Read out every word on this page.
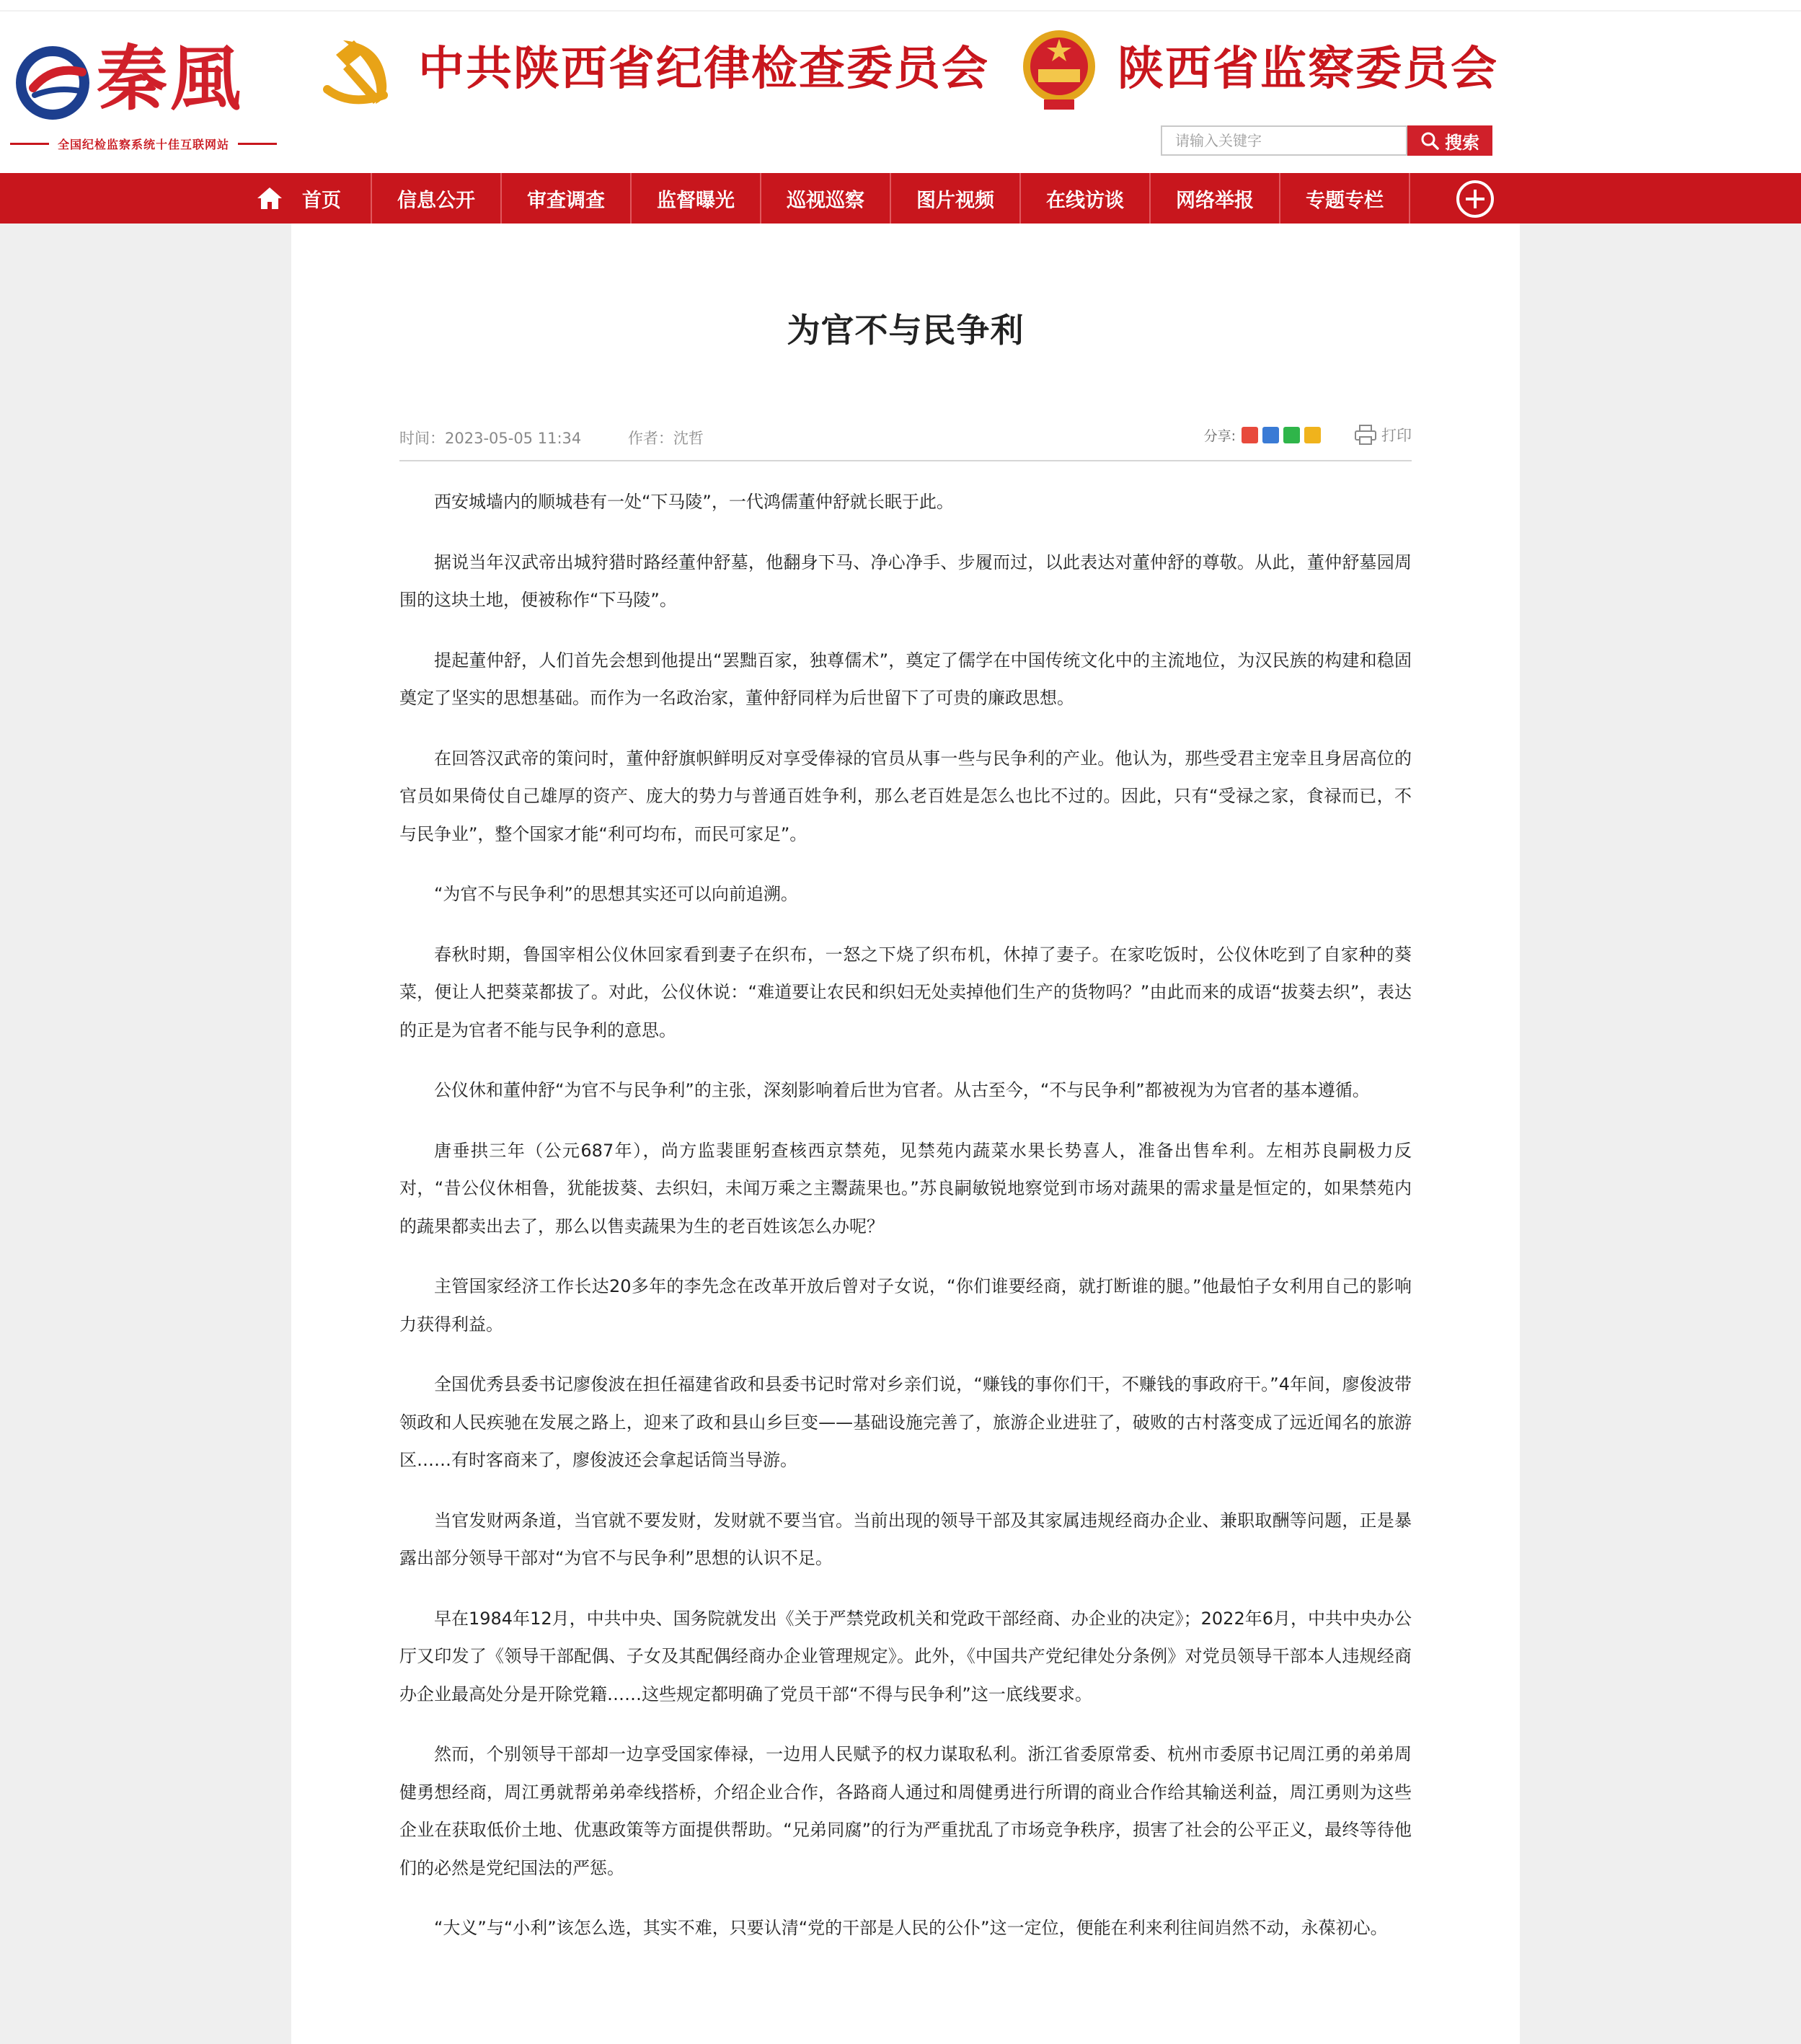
秦風
全国纪检监察系统十佳互联网站
中共陕西省纪律检查委员会	陕西省监察委员会
请输入关键字
搜索
首页	信息公开	审查调查	监督曝光	巡视巡察	图片视频	在线访谈	网络举报	专题专栏
为官不与民争利
时间：2023-05-05 11:34	作者：沈哲	分享:	打印

西安城墙内的顺城巷有一处“下马陵”，一代鸿儒董仲舒就长眠于此。

据说当年汉武帝出城狩猎时路经董仲舒墓，他翻身下马、净心净手、步履而过，以此表达对董仲舒的尊敬。从此，董仲舒墓园周围的这块土地，便被称作“下马陵”。

提起董仲舒，人们首先会想到他提出“罢黜百家，独尊儒术”，奠定了儒学在中国传统文化中的主流地位，为汉民族的构建和稳固奠定了坚实的思想基础。而作为一名政治家，董仲舒同样为后世留下了可贵的廉政思想。

在回答汉武帝的策问时，董仲舒旗帜鲜明反对享受俸禄的官员从事一些与民争利的产业。他认为，那些受君主宠幸且身居高位的官员如果倚仗自己雄厚的资产、庞大的势力与普通百姓争利，那么老百姓是怎么也比不过的。因此，只有“受禄之家，食禄而已，不与民争业”，整个国家才能“利可均布，而民可家足”。

“为官不与民争利”的思想其实还可以向前追溯。

春秋时期，鲁国宰相公仪休回家看到妻子在织布，一怒之下烧了织布机，休掉了妻子。在家吃饭时，公仪休吃到了自家种的葵菜，便让人把葵菜都拔了。对此，公仪休说：“难道要让农民和织妇无处卖掉他们生产的货物吗？”由此而来的成语“拔葵去织”，表达的正是为官者不能与民争利的意思。

公仪休和董仲舒“为官不与民争利”的主张，深刻影响着后世为官者。从古至今，“不与民争利”都被视为为官者的基本遵循。

唐垂拱三年（公元687年），尚方监裴匪躬查核西京禁苑，见禁苑内蔬菜水果长势喜人，准备出售牟利。左相苏良嗣极力反对，“昔公仪休相鲁，犹能拔葵、去织妇，未闻万乘之主鬻蔬果也。”苏良嗣敏锐地察觉到市场对蔬果的需求量是恒定的，如果禁苑内的蔬果都卖出去了，那么以售卖蔬果为生的老百姓该怎么办呢？

主管国家经济工作长达20多年的李先念在改革开放后曾对子女说，“你们谁要经商，就打断谁的腿。”他最怕子女利用自己的影响力获得利益。

全国优秀县委书记廖俊波在担任福建省政和县委书记时常对乡亲们说，“赚钱的事你们干，不赚钱的事政府干。”4年间，廖俊波带领政和人民疾驰在发展之路上，迎来了政和县山乡巨变——基础设施完善了，旅游企业进驻了，破败的古村落变成了远近闻名的旅游区……有时客商来了，廖俊波还会拿起话筒当导游。

当官发财两条道，当官就不要发财，发财就不要当官。当前出现的领导干部及其家属违规经商办企业、兼职取酬等问题，正是暴露出部分领导干部对“为官不与民争利”思想的认识不足。

早在1984年12月，中共中央、国务院就发出《关于严禁党政机关和党政干部经商、办企业的决定》；2022年6月，中共中央办公厅又印发了《领导干部配偶、子女及其配偶经商办企业管理规定》。此外，《中国共产党纪律处分条例》对党员领导干部本人违规经商办企业最高处分是开除党籍……这些规定都明确了党员干部“不得与民争利”这一底线要求。

然而，个别领导干部却一边享受国家俸禄，一边用人民赋予的权力谋取私利。浙江省委原常委、杭州市委原书记周江勇的弟弟周健勇想经商，周江勇就帮弟弟牵线搭桥，介绍企业合作，各路商人通过和周健勇进行所谓的商业合作给其输送利益，周江勇则为这些企业在获取低价土地、优惠政策等方面提供帮助。“兄弟同腐”的行为严重扰乱了市场竞争秩序，损害了社会的公平正义，最终等待他们的必然是党纪国法的严惩。

“大义”与“小利”该怎么选，其实不难，只要认清“党的干部是人民的公仆”这一定位，便能在利来利往间岿然不动，永葆初心。
